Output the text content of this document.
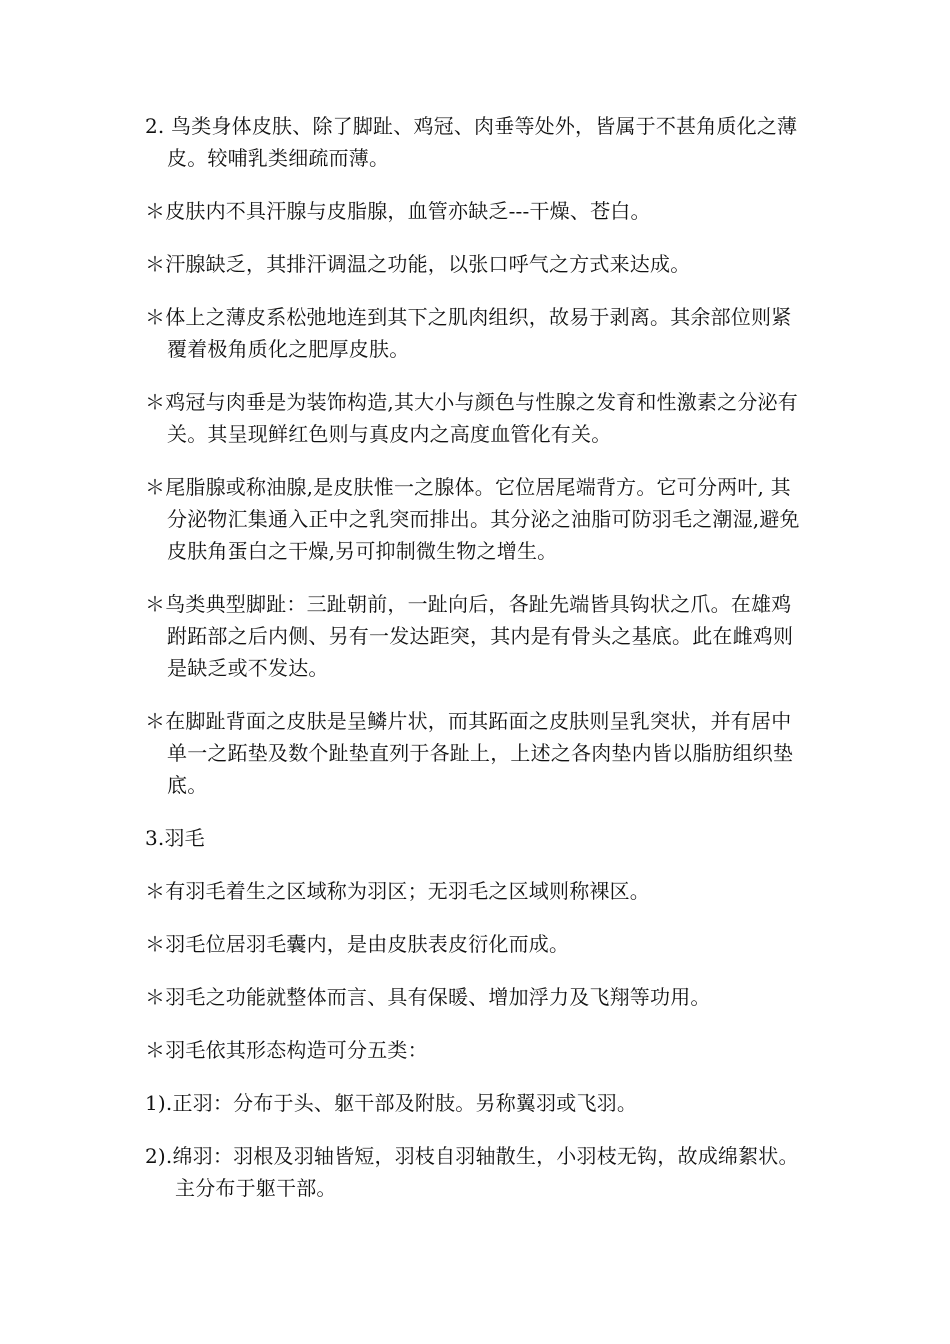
2. 鸟类身体皮肤、除了脚趾、鸡冠、肉垂等处外，皆属于不甚角质化之薄皮。较哺乳类细疏而薄。

＊皮肤内不具汗腺与皮脂腺，血管亦缺乏---干燥、苍白。

＊汗腺缺乏，其排汗调温之功能，以张口呼气之方式来达成。

＊体上之薄皮系松弛地连到其下之肌肉组织，故易于剥离。其余部位则紧覆着极角质化之肥厚皮肤。

＊鸡冠与肉垂是为装饰构造,其大小与颜色与性腺之发育和性激素之分泌有关。其呈现鲜红色则与真皮内之高度血管化有关。

＊尾脂腺或称油腺,是皮肤惟一之腺体。它位居尾端背方。它可分两叶, 其分泌物汇集通入正中之乳突而排出。其分泌之油脂可防羽毛之潮湿,避免皮肤角蛋白之干燥,另可抑制微生物之增生。

＊鸟类典型脚趾：三趾朝前，一趾向后，各趾先端皆具钩状之爪。在雄鸡跗跖部之后内侧、另有一发达距突，其内是有骨头之基底。此在雌鸡则是缺乏或不发达。

＊在脚趾背面之皮肤是呈鳞片状，而其跖面之皮肤则呈乳突状，并有居中单一之跖垫及数个趾垫直列于各趾上，上述之各肉垫内皆以脂肪组织垫底。

3.羽毛

＊有羽毛着生之区域称为羽区；无羽毛之区域则称裸区。

＊羽毛位居羽毛囊内，是由皮肤表皮衍化而成。

＊羽毛之功能就整体而言、具有保暖、增加浮力及飞翔等功用。

＊羽毛依其形态构造可分五类：

1).正羽：分布于头、躯干部及附肢。另称翼羽或飞羽。

2).绵羽：羽根及羽轴皆短，羽枝自羽轴散生，小羽枝无钩，故成绵絮状。主分布于躯干部。
